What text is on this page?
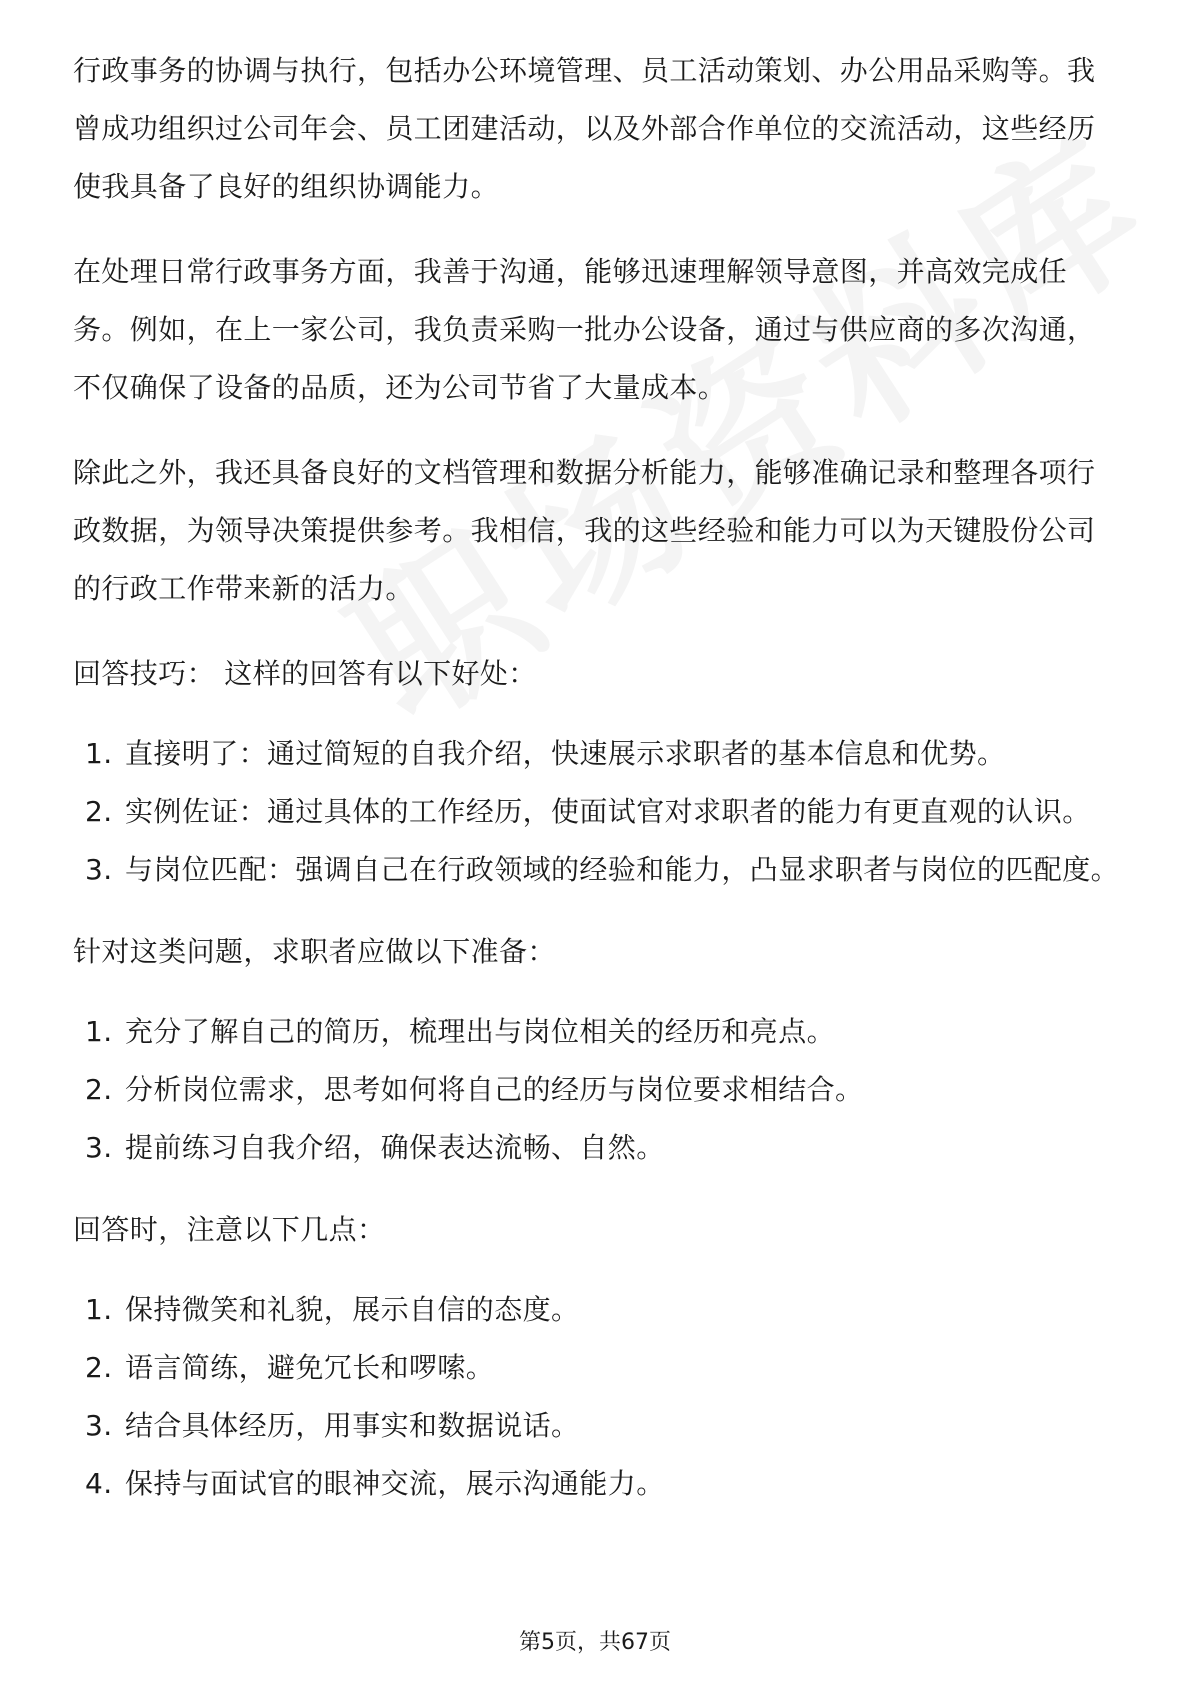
行政事务的协调与执行，包括办公环境管理、员工活动策划、办公用品采购等。我曾成功组织过公司年会、员工团建活动，以及外部合作单位的交流活动，这些经历使我具备了良好的组织协调能力。

在处理日常行政事务方面，我善于沟通，能够迅速理解领导意图，并高效完成任务。例如，在上一家公司，我负责采购一批办公设备，通过与供应商的多次沟通，不仅确保了设备的品质，还为公司节省了大量成本。

除此之外，我还具备良好的文档管理和数据分析能力，能够准确记录和整理各项行政数据，为领导决策提供参考。我相信，我的这些经验和能力可以为天键股份公司的行政工作带来新的活力。

回答技巧： 这样的回答有以下好处：

1. 直接明了：通过简短的自我介绍，快速展示求职者的基本信息和优势。
2. 实例佐证：通过具体的工作经历，使面试官对求职者的能力有更直观的认识。
3. 与岗位匹配：强调自己在行政领域的经验和能力，凸显求职者与岗位的匹配度。

针对这类问题，求职者应做以下准备：

1. 充分了解自己的简历，梳理出与岗位相关的经历和亮点。
2. 分析岗位需求，思考如何将自己的经历与岗位要求相结合。
3. 提前练习自我介绍，确保表达流畅、自然。

回答时，注意以下几点：

1. 保持微笑和礼貌，展示自信的态度。
2. 语言简练，避免冗长和啰嗦。
3. 结合具体经历，用事实和数据说话。
4. 保持与面试官的眼神交流，展示沟通能力。
第5页，共67页
